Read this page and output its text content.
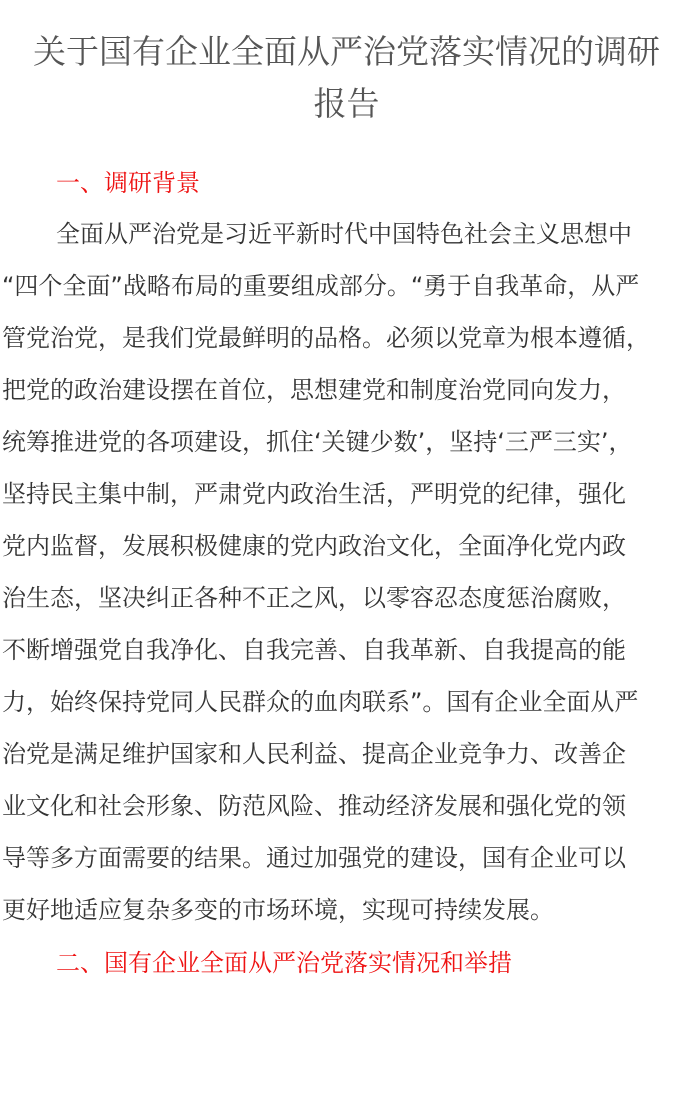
关于国有企业全面从严治党落实情况的调研
报告
一、调研背景
全面从严治党是习近平新时代中国特色社会主义思想中
“四个全面”战略布局的重要组成部分。“勇于自我革命，从严
管党治党，是我们党最鲜明的品格。必须以党章为根本遵循，
把党的政治建设摆在首位，思想建党和制度治党同向发力，
统筹推进党的各项建设，抓住‘关键少数’，坚持‘三严三实’，
坚持民主集中制，严肃党内政治生活，严明党的纪律，强化
党内监督，发展积极健康的党内政治文化，全面净化党内政
治生态，坚决纠正各种不正之风，以零容忍态度惩治腐败，
不断增强党自我净化、自我完善、自我革新、自我提高的能
力，始终保持党同人民群众的血肉联系”。国有企业全面从严
治党是满足维护国家和人民利益、提高企业竞争力、改善企
业文化和社会形象、防范风险、推动经济发展和强化党的领
导等多方面需要的结果。通过加强党的建设，国有企业可以
更好地适应复杂多变的市场环境，实现可持续发展。
二、国有企业全面从严治党落实情况和举措
